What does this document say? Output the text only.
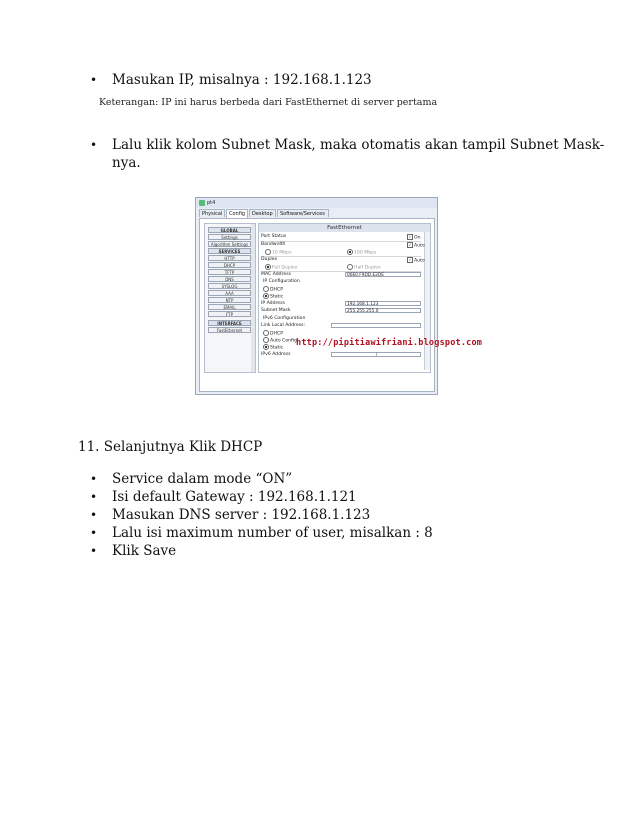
• Masukan IP, misalnya : 192.168.1.123
Keterangan: IP ini harus berbeda dari FastEthernet di server pertama
• Lalu klik kolom Subnet Mask, maka otomatis akan tampil Subnet Mask-
nya.
pt4
Physical	Config	Desktop	Software/Services
GLOBAL
Settings
Algorithm Settings
SERVICES
HTTP
DHCP
TFTP
DNS
SYSLOG
AAA
NTP
EMAIL
FTP
INTERFACE
FastEthernet
FastEthernet
Port Status	✓ On
Bandwidth	✓ Auto
10 Mbps	100 Mbps
Duplex	✓ Auto
Full Duplex	Half Duplex
MAC Address	00E0.F9DD.E2DE
IP Configuration
DHCP
Static
IP Address	192.168.1.123
Subnet Mask	255.255.255.0
IPv6 Configuration
Link Local Address:
DHCP
Auto Config
Static
IPv6 Address	/
http://pipitiawifriani.blogspot.com
11. Selanjutnya Klik DHCP
• Service dalam mode “ON”
• Isi default Gateway : 192.168.1.121
• Masukan DNS server : 192.168.1.123
• Lalu isi maximum number of user, misalkan : 8
• Klik Save
